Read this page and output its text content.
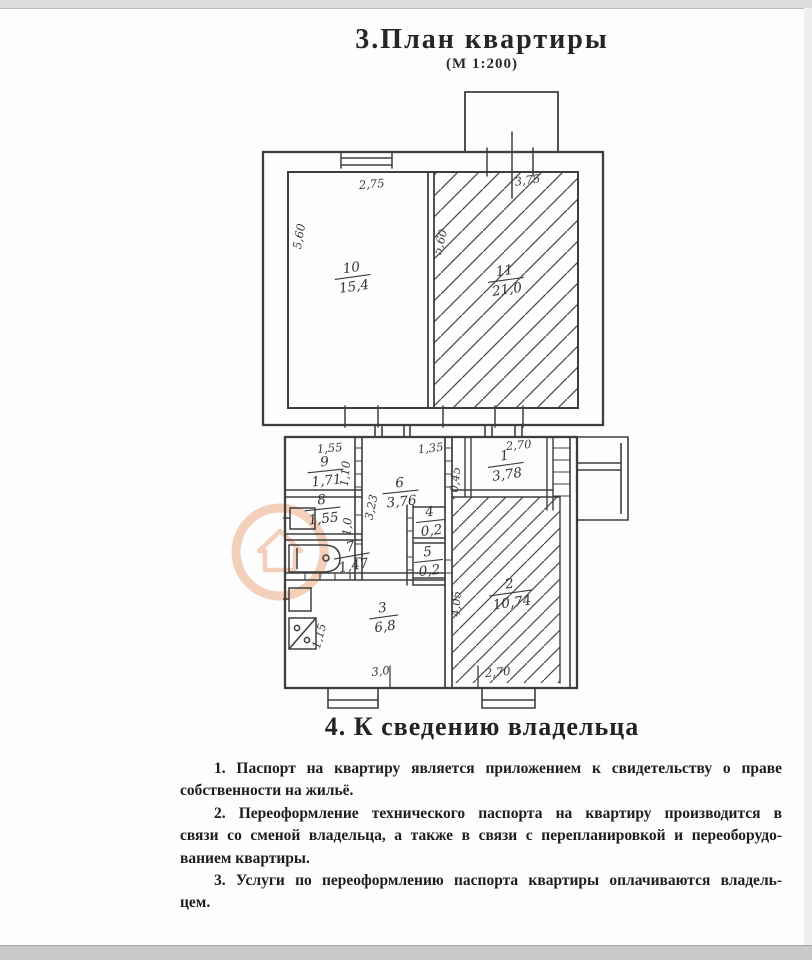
3.План квартиры
(М 1:200)
10
15,4
11
21,0
9
1,71
8
1,55
7
1,47
6
3,76
4
0,2
5
0,2
1
3,78
2
10,74
3
6,8
2,75	3,75
5,60	5,60
1,55	1,35	2,70
1,10
3,23
1,0
0,45
1,15
4,05
3,0	2,70
4. К сведению владельца
1. Паспорт на квартиру является приложением к свидетельству о праве
собственности на жильё.
2. Переоформление технического паспорта на квартиру производится в
связи со сменой владельца, а также в связи с перепланировкой и переоборудо-
ванием квартиры.
3. Услуги по переоформлению паспорта квартиры оплачиваются владель-
цем.
